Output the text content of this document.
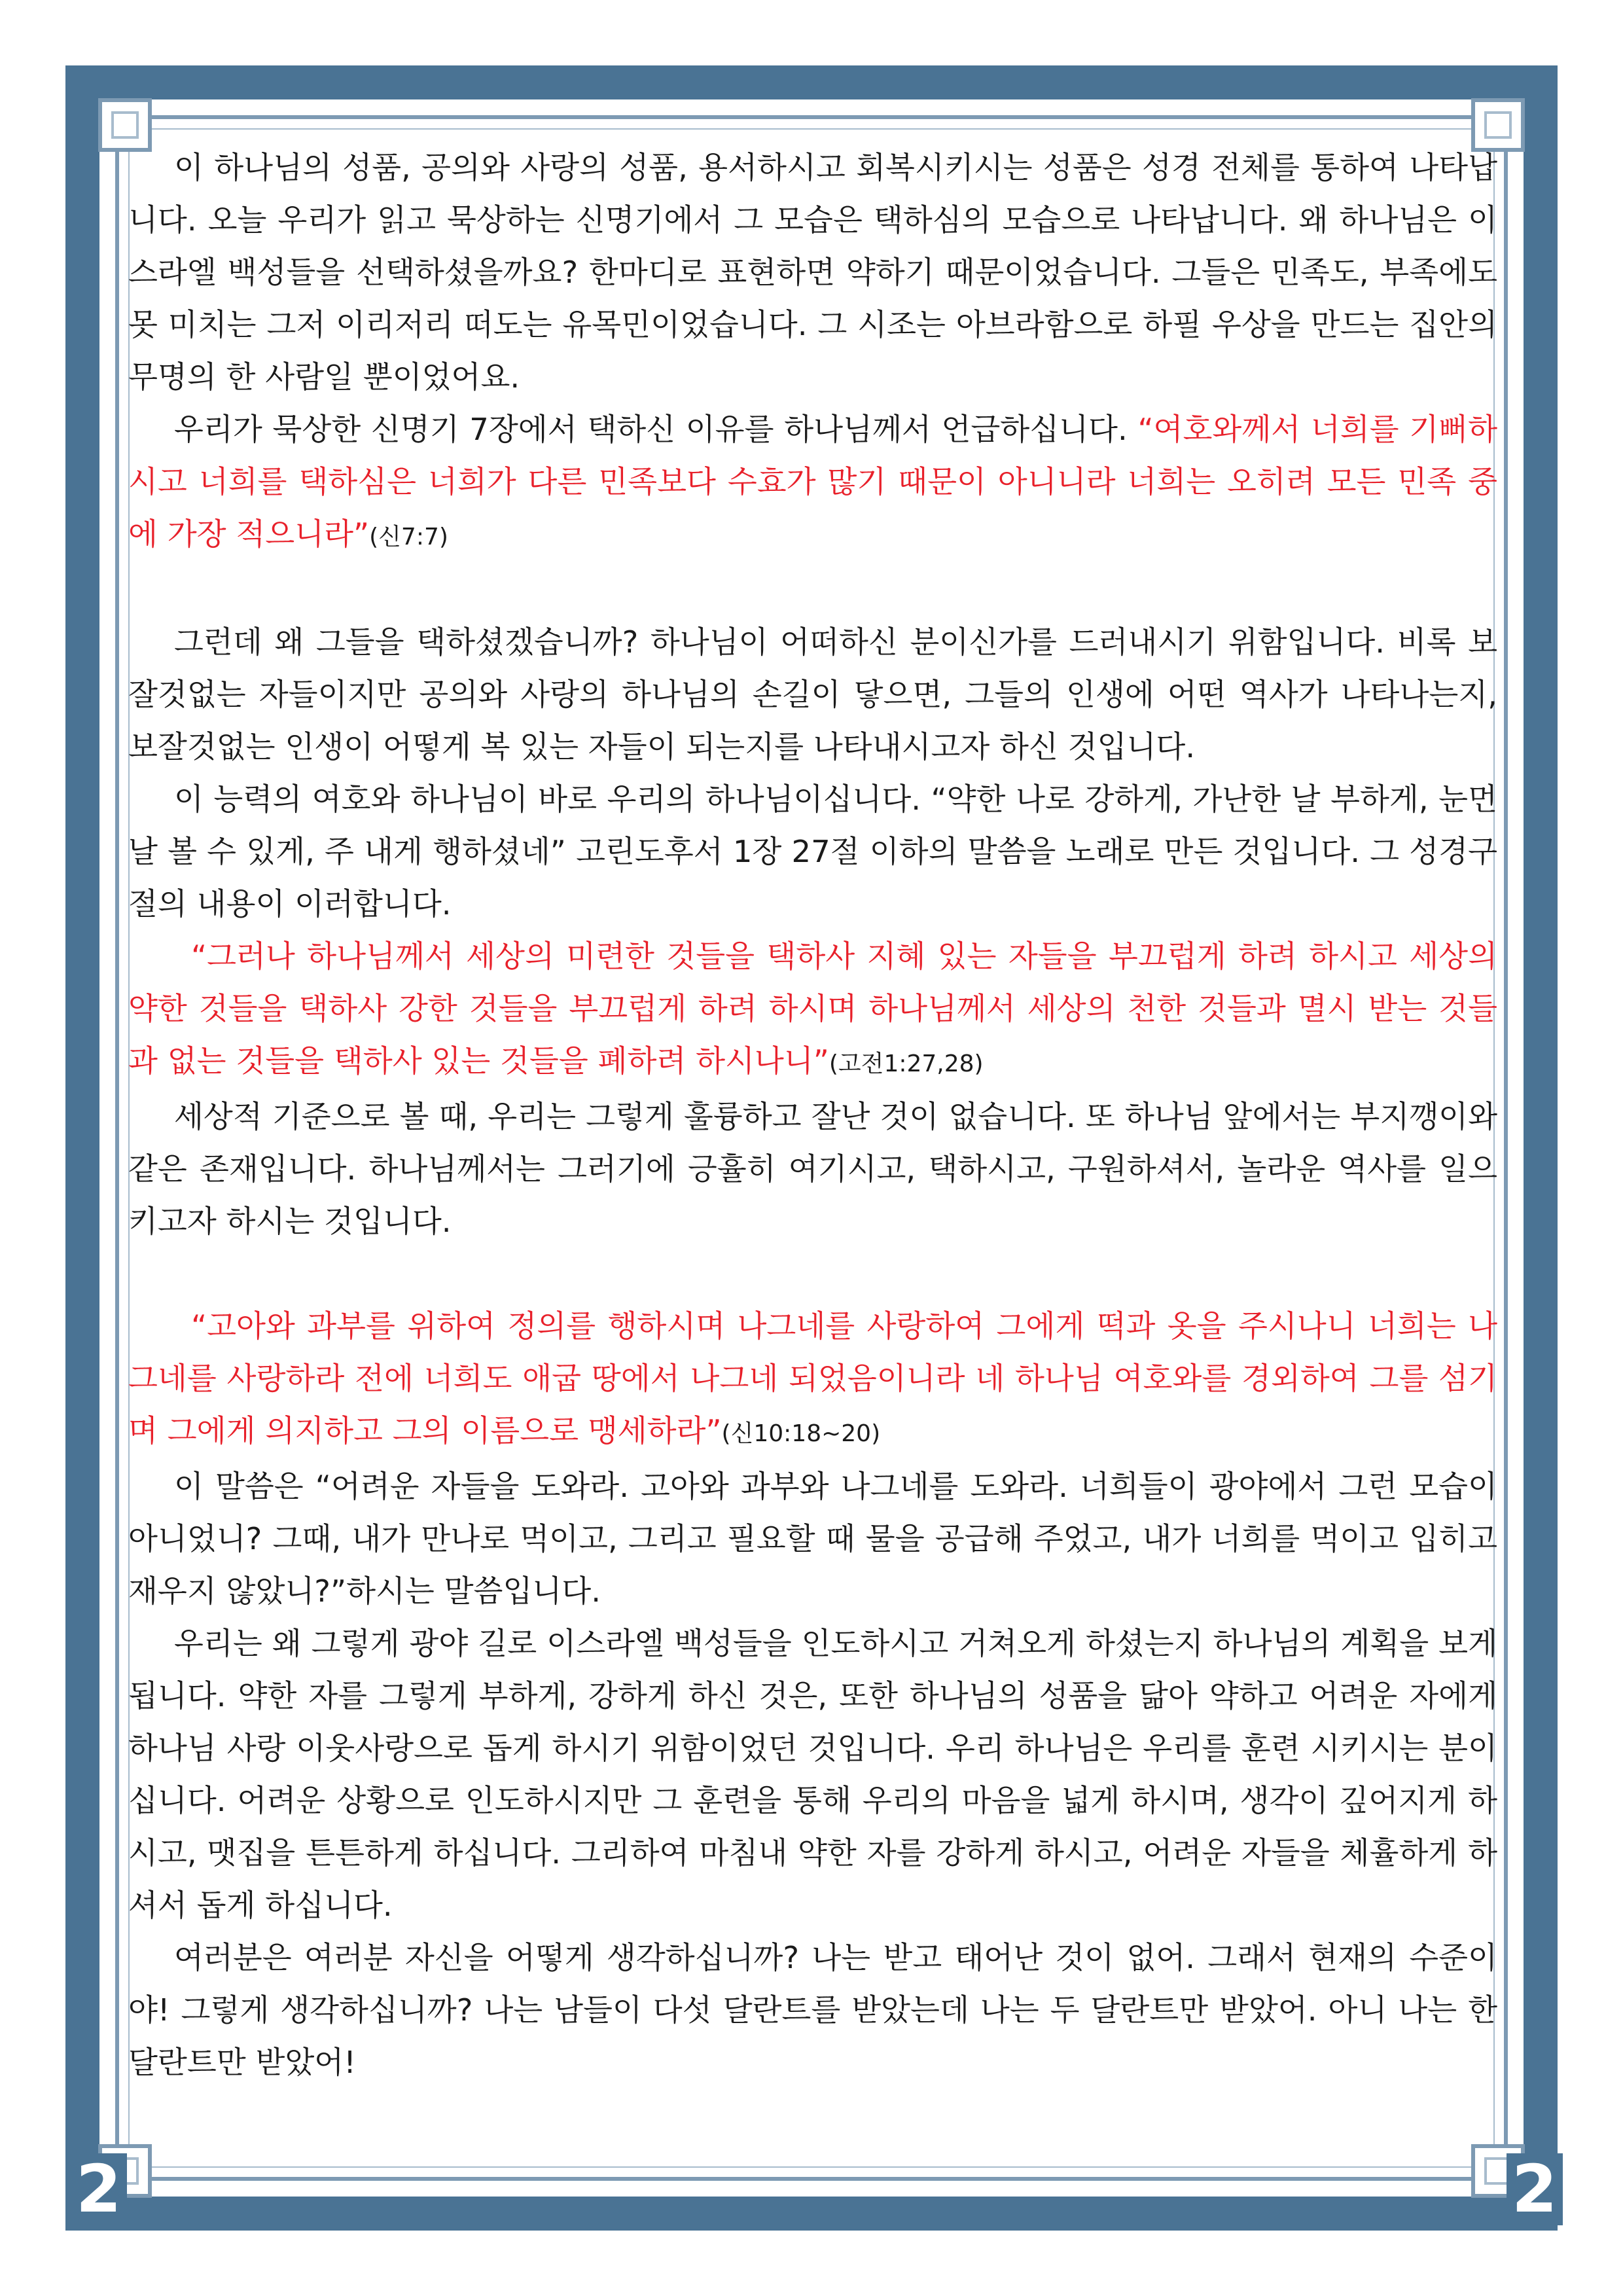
이 하나님의 성품, 공의와 사랑의 성품, 용서하시고 회복시키시는 성품은 성경 전체를 통하여 나타납니다. 오늘 우리가 읽고 묵상하는 신명기에서 그 모습은 택하심의 모습으로 나타납니다. 왜 하나님은 이스라엘 백성들을 선택하셨을까요? 한마디로 표현하면 약하기 때문이었습니다. 그들은 민족도, 부족에도 못 미치는 그저 이리저리 떠도는 유목민이었습니다. 그 시조는 아브라함으로 하필 우상을 만드는 집안의 무명의 한 사람일 뿐이었어요.

우리가 묵상한 신명기 7장에서 택하신 이유를 하나님께서 언급하십니다. “여호와께서 너희를 기뻐하시고 너희를 택하심은 너희가 다른 민족보다 수효가 많기 때문이 아니니라 너희는 오히려 모든 민족 중에 가장 적으니라”(신7:7)

그런데 왜 그들을 택하셨겠습니까? 하나님이 어떠하신 분이신가를 드러내시기 위함입니다. 비록 보잘것없는 자들이지만 공의와 사랑의 하나님의 손길이 닿으면, 그들의 인생에 어떤 역사가 나타나는지, 보잘것없는 인생이 어떻게 복 있는 자들이 되는지를 나타내시고자 하신 것입니다.

이 능력의 여호와 하나님이 바로 우리의 하나님이십니다. “약한 나로 강하게, 가난한 날 부하게, 눈먼 날 볼 수 있게, 주 내게 행하셨네” 고린도후서 1장 27절 이하의 말씀을 노래로 만든 것입니다. 그 성경구절의 내용이 이러합니다.

“그러나 하나님께서 세상의 미련한 것들을 택하사 지혜 있는 자들을 부끄럽게 하려 하시고 세상의 약한 것들을 택하사 강한 것들을 부끄럽게 하려 하시며 하나님께서 세상의 천한 것들과 멸시 받는 것들과 없는 것들을 택하사 있는 것들을 폐하려 하시나니”(고전1:27,28)

세상적 기준으로 볼 때, 우리는 그렇게 훌륭하고 잘난 것이 없습니다. 또 하나님 앞에서는 부지깽이와 같은 존재입니다. 하나님께서는 그러기에 긍휼히 여기시고, 택하시고, 구원하셔서, 놀라운 역사를 일으키고자 하시는 것입니다.

“고아와 과부를 위하여 정의를 행하시며 나그네를 사랑하여 그에게 떡과 옷을 주시나니 너희는 나그네를 사랑하라 전에 너희도 애굽 땅에서 나그네 되었음이니라 네 하나님 여호와를 경외하여 그를 섬기며 그에게 의지하고 그의 이름으로 맹세하라”(신10:18~20)

이 말씀은 “어려운 자들을 도와라. 고아와 과부와 나그네를 도와라. 너희들이 광야에서 그런 모습이 아니었니? 그때, 내가 만나로 먹이고, 그리고 필요할 때 물을 공급해 주었고, 내가 너희를 먹이고 입히고 재우지 않았니?”하시는 말씀입니다.

우리는 왜 그렇게 광야 길로 이스라엘 백성들을 인도하시고 거쳐오게 하셨는지 하나님의 계획을 보게 됩니다. 약한 자를 그렇게 부하게, 강하게 하신 것은, 또한 하나님의 성품을 닮아 약하고 어려운 자에게 하나님 사랑 이웃사랑으로 돕게 하시기 위함이었던 것입니다. 우리 하나님은 우리를 훈련 시키시는 분이십니다. 어려운 상황으로 인도하시지만 그 훈련을 통해 우리의 마음을 넓게 하시며, 생각이 깊어지게 하시고, 맷집을 튼튼하게 하십니다. 그리하여 마침내 약한 자를 강하게 하시고, 어려운 자들을 체휼하게 하셔서 돕게 하십니다.

여러분은 여러분 자신을 어떻게 생각하십니까? 나는 받고 태어난 것이 없어. 그래서 현재의 수준이야! 그렇게 생각하십니까? 나는 남들이 다섯 달란트를 받았는데 나는 두 달란트만 받았어. 아니 나는 한 달란트만 받았어!

2	2
